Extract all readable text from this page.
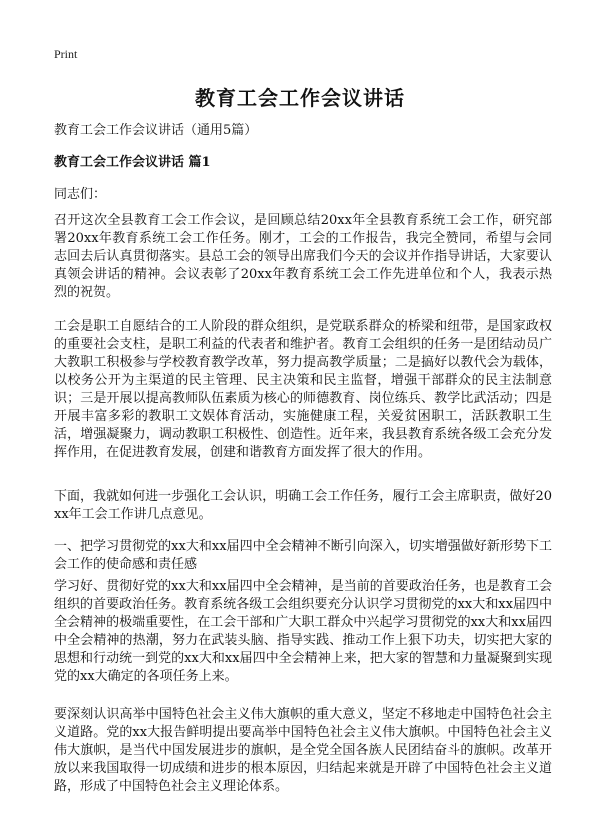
Print
教育工会工作会议讲话
教育工会工作会议讲话（通用5篇）
教育工会工作会议讲话 篇1
同志们：

召开这次全县教育工会工作会议，是回顾总结20xx年全县教育系统工会工作，研究部署20xx年教育系统工会工作任务。刚才，工会的工作报告，我完全赞同，希望与会同志回去后认真贯彻落实。县总工会的领导出席我们今天的会议并作指导讲话，大家要认真领会讲话的精神。会议表彰了20xx年教育系统工会工作先进单位和个人，我表示热烈的祝贺。

工会是职工自愿结合的工人阶段的群众组织，是党联系群众的桥梁和纽带，是国家政权的重要社会支柱，是职工利益的代表者和维护者。教育工会组织的任务一是团结动员广大教职工积极参与学校教育教学改革，努力提高教学质量；二是搞好以教代会为载体，以校务公开为主渠道的民主管理、民主决策和民主监督，增强干部群众的民主法制意识；三是开展以提高教师队伍素质为核心的师德教育、岗位练兵、教学比武活动；四是开展丰富多彩的教职工文娱体育活动，实施健康工程，关爱贫困职工，活跃教职工生活，增强凝聚力，调动教职工积极性、创造性。近年来，我县教育系统各级工会充分发挥作用，在促进教育发展，创建和谐教育方面发挥了很大的作用。

下面，我就如何进一步强化工会认识，明确工会工作任务，履行工会主席职责，做好20xx年工会工作讲几点意见。

一、把学习贯彻党的xx大和xx届四中全会精神不断引向深入，切实增强做好新形势下工会工作的使命感和责任感

学习好、贯彻好党的xx大和xx届四中全会精神，是当前的首要政治任务，也是教育工会组织的首要政治任务。教育系统各级工会组织要充分认识学习贯彻党的xx大和xx届四中全会精神的极端重要性，在工会干部和广大职工群众中兴起学习贯彻党的xx大和xx届四中全会精神的热潮，努力在武装头脑、指导实践、推动工作上狠下功夫，切实把大家的思想和行动统一到党的xx大和xx届四中全会精神上来，把大家的智慧和力量凝聚到实现党的xx大确定的各项任务上来。

要深刻认识高举中国特色社会主义伟大旗帜的重大意义，坚定不移地走中国特色社会主义道路。党的xx大报告鲜明提出要高举中国特色社会主义伟大旗帜。中国特色社会主义伟大旗帜，是当代中国发展进步的旗帜，是全党全国各族人民团结奋斗的旗帜。改革开放以来我国取得一切成绩和进步的根本原因，归结起来就是开辟了中国特色社会主义道路，形成了中国特色社会主义理论体系。
